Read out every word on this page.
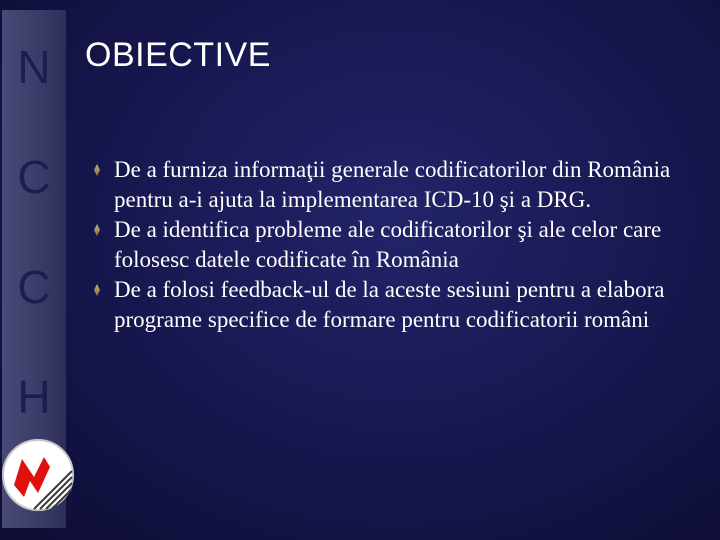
N
C
C
H
OBIECTIVE
De a furniza informaţii generale codificatorilor din România pentru a-i ajuta la implementarea ICD-10 şi a DRG.
De a identifica probleme ale codificatorilor şi ale celor care folosesc datele codificate în România
De a folosi feedback-ul de la aceste sesiuni pentru a elabora programe specifice de formare pentru codificatorii români
